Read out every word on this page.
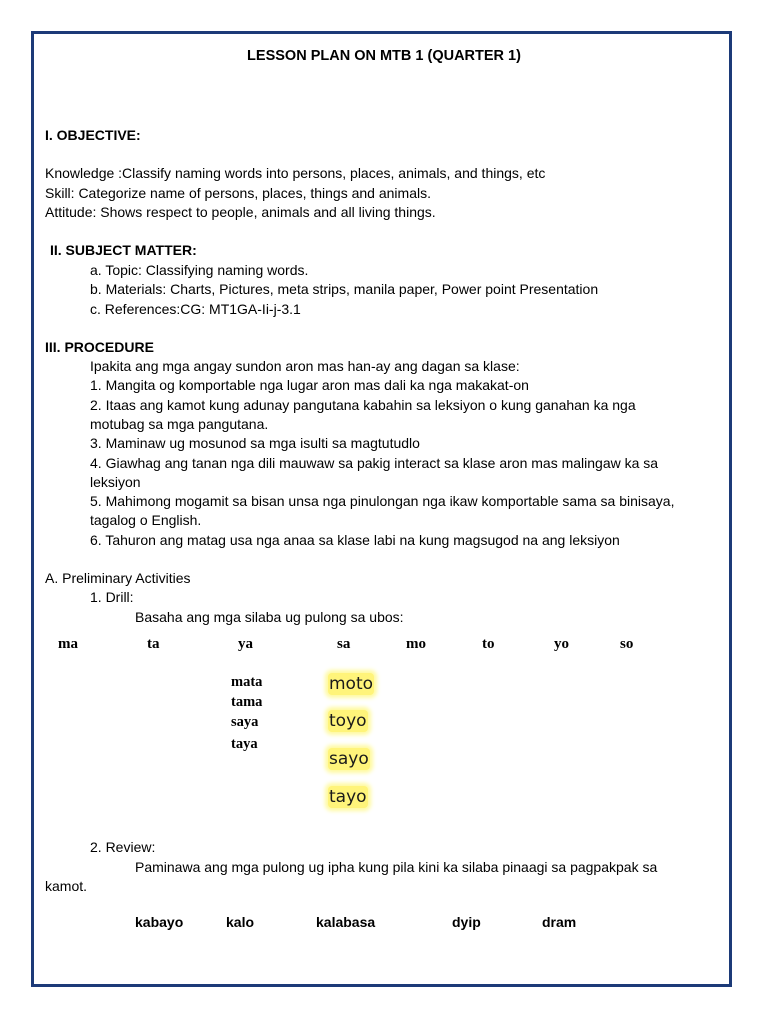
LESSON PLAN ON MTB 1 (QUARTER 1)
I. OBJECTIVE:
Knowledge :Classify naming words into persons, places, animals, and things, etc
Skill: Categorize name of persons, places, things and animals.
Attitude: Shows respect to people, animals and all living things.
II. SUBJECT MATTER:
a. Topic: Classifying naming words.
b. Materials: Charts, Pictures, meta strips, manila paper, Power point Presentation
c. References:CG: MT1GA-Ii-j-3.1
III. PROCEDURE
Ipakita ang mga angay sundon aron mas han-ay ang dagan sa klase:
1. Mangita og komportable nga lugar aron mas dali ka nga makakat-on
2. Itaas ang kamot kung adunay pangutana kabahin sa leksiyon o kung ganahan ka nga
motubag sa mga pangutana.
3. Maminaw ug mosunod sa mga isulti sa magtutudlo
4. Giawhag ang tanan nga dili mauwaw sa pakig interact sa klase aron mas malingaw ka sa
leksiyon
5. Mahimong mogamit sa bisan unsa nga pinulongan nga ikaw komportable sama sa binisaya,
tagalog o English.
6. Tahuron ang matag usa nga anaa sa klase labi na kung magsugod na ang leksiyon
A. Preliminary Activities
1. Drill:
Basaha ang mga silaba ug pulong sa ubos:
ma	ta	ya	sa	mo	to	yo	so
mata
tama
saya
taya
moto
toyo
sayo
tayo
2. Review:
Paminawa ang mga pulong ug ipha kung pila kini ka silaba pinaagi sa pagpakpak sa
kamot.
kabayo	kalo	kalabasa	dyip	dram
